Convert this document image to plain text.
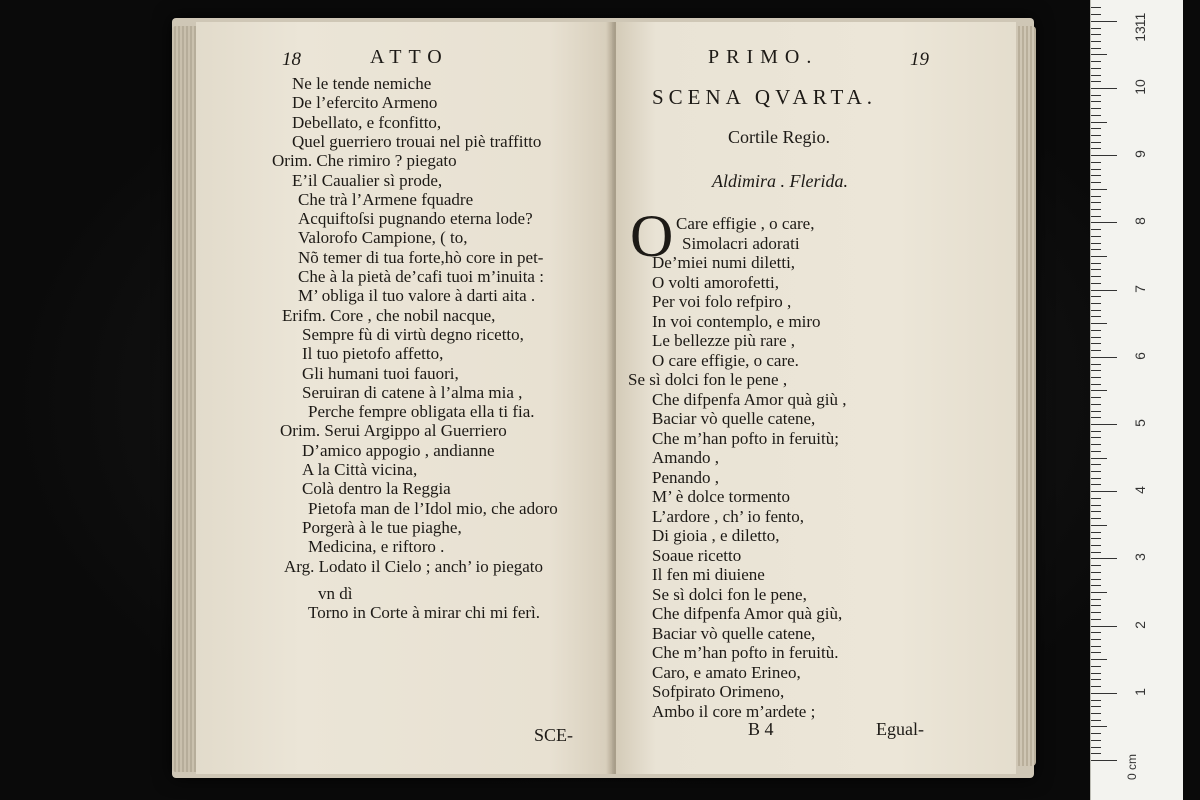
18	ATTO
Ne le tende nemiche
De l’efercito Armeno
Debellato, e fconfitto,
Quel guerriero trouai nel piè traffitto
Orim. Che rimiro ? piegato
E’il Caualier sì prode,
Che trà l’Armene fquadre
Acquiftoſsi pugnando eterna lode?
Valorofo Campione, ( to,
Nõ temer di tua forte,hò core in pet-
Che à la pietà de’cafi tuoi m’inuita :
M’ obliga il tuo valore à darti aita .
Erifm. Core , che nobil nacque,
Sempre fù di virtù degno ricetto,
Il tuo pietofo affetto,
Gli humani tuoi fauori,
Seruiran di catene à l’alma mia ,
Perche fempre obligata ella ti fia.
Orim. Serui Argippo al Guerriero
D’amico appogio , andianne
A la Città vicina,
Colà dentro la Reggia
Pietofa man de l’Idol mio, che adoro
Porgerà à le tue piaghe,
Medicina, e riftoro .
Arg. Lodato il Cielo ; anch’ io piegato
vn dì
Torno in Corte à mirar chi mi ferì.
SCE-
PRIMO.	19
SCENA QVARTA.
Cortile Regio.
Aldimira . Flerida.
O Care effigie , o care,
Simolacri adorati
De’miei numi diletti,
O volti amorofetti,
Per voi folo refpiro ,
In voi contemplo, e miro
Le bellezze più rare ,
O care effigie, o care.
Se sì dolci fon le pene ,
Che difpenfa Amor quà giù ,
Baciar vò quelle catene,
Che m’han pofto in feruitù;
Amando ,
Penando ,
M’ è dolce tormento
L’ardore , ch’ io fento,
Di gioia , e diletto,
Soaue ricetto
Il fen mi diuiene
Se sì dolci fon le pene,
Che difpenfa Amor quà giù,
Baciar vò quelle catene,
Che m’han pofto in feruitù.
Caro, e amato Erineo,
Sofpirato Orimeno,
Ambo il core m’ardete ;
B 4	Egual-
11
10
9
8
7
6
5
4
3
2
1
13
0 cm
